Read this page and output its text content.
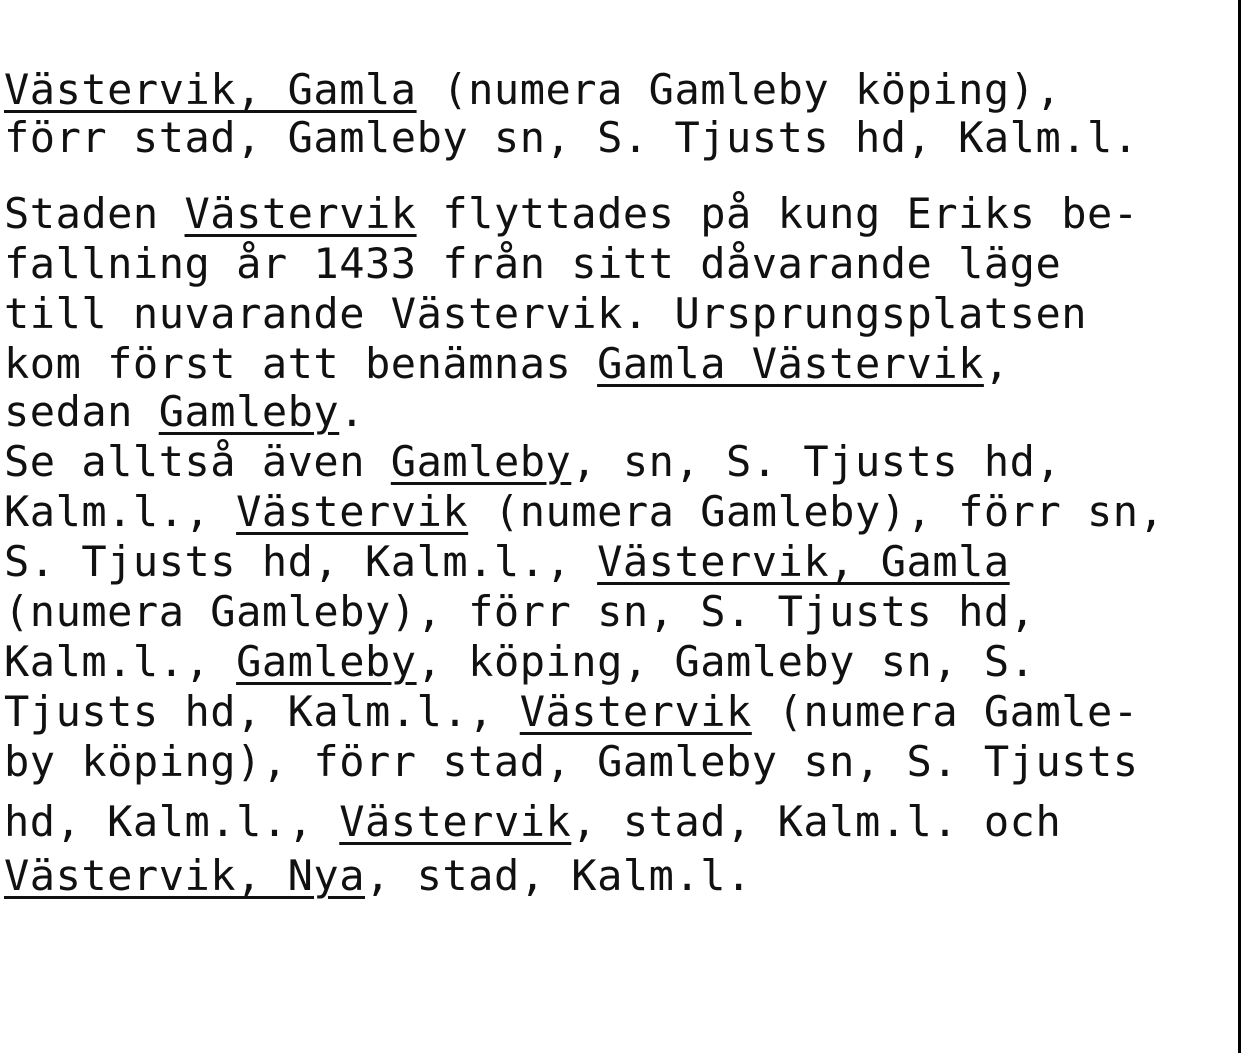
Västervik, Gamla (numera Gamleby köping),

förr stad, Gamleby sn, S. Tjusts hd, Kalm.l.

Staden Västervik flyttades på kung Eriks be-

fallning år 1433 från sitt dåvarande läge

till nuvarande Västervik. Ursprungsplatsen

kom först att benämnas Gamla Västervik,

sedan Gamleby.

Se alltså även Gamleby, sn, S. Tjusts hd,

Kalm.l., Västervik (numera Gamleby), förr sn,

S. Tjusts hd, Kalm.l., Västervik, Gamla

(numera Gamleby), förr sn, S. Tjusts hd,

Kalm.l., Gamleby, köping, Gamleby sn, S.

Tjusts hd, Kalm.l., Västervik (numera Gamle-

by köping), förr stad, Gamleby sn, S. Tjusts

hd, Kalm.l., Västervik, stad, Kalm.l. och

Västervik, Nya, stad, Kalm.l.
